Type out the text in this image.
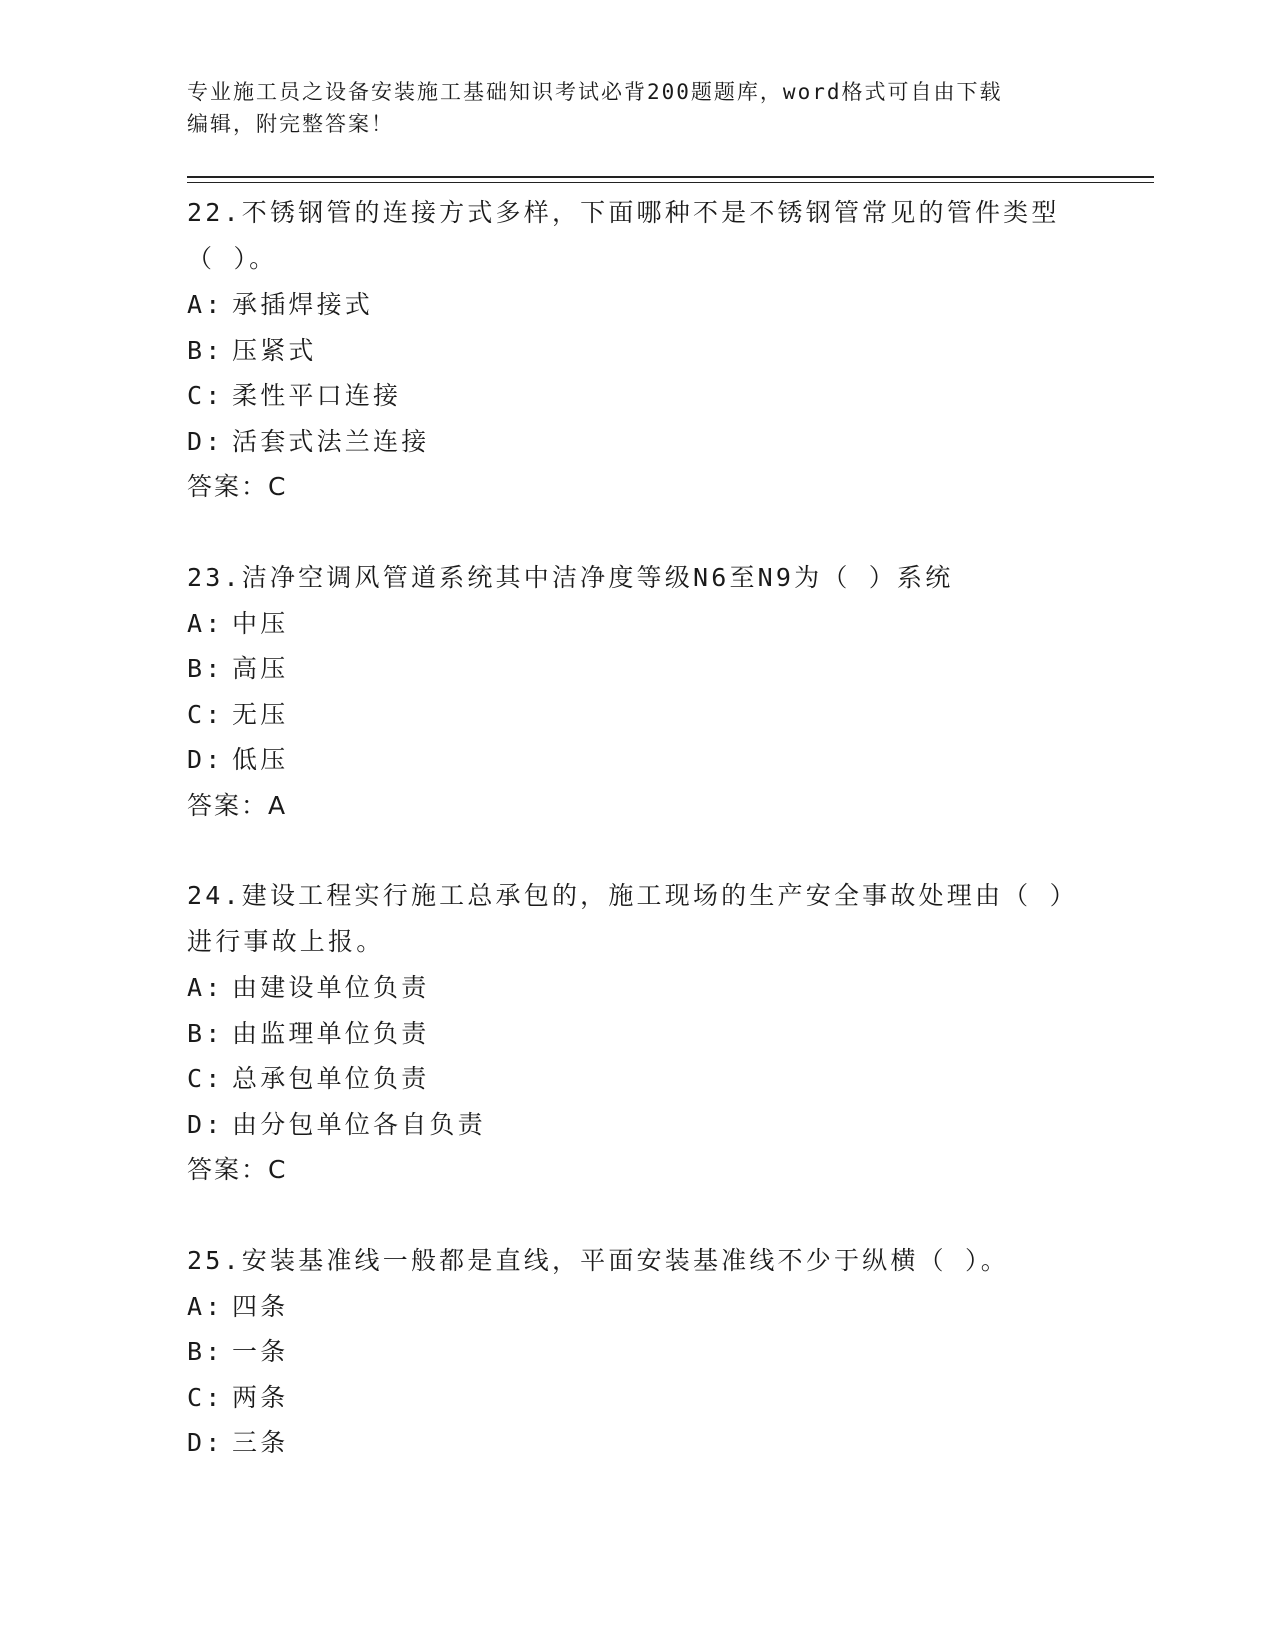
专业施工员之设备安装施工基础知识考试必背200题题库，word格式可自由下载
编辑，附完整答案！

22.不锈钢管的连接方式多样，下面哪种不是不锈钢管常见的管件类型（ ）。

A: 承插焊接式

B: 压紧式

C: 柔性平口连接

D: 活套式法兰连接

答案：C

23.洁净空调风管道系统其中洁净度等级N6至N9为（ ）系统

A: 中压

B: 高压

C: 无压

D: 低压

答案：A

24.建设工程实行施工总承包的，施工现场的生产安全事故处理由（ ）进行事故上报。

A: 由建设单位负责

B: 由监理单位负责

C: 总承包单位负责

D: 由分包单位各自负责

答案：C

25.安装基准线一般都是直线，平面安装基准线不少于纵横（ ）。

A: 四条

B: 一条

C: 两条

D: 三条
